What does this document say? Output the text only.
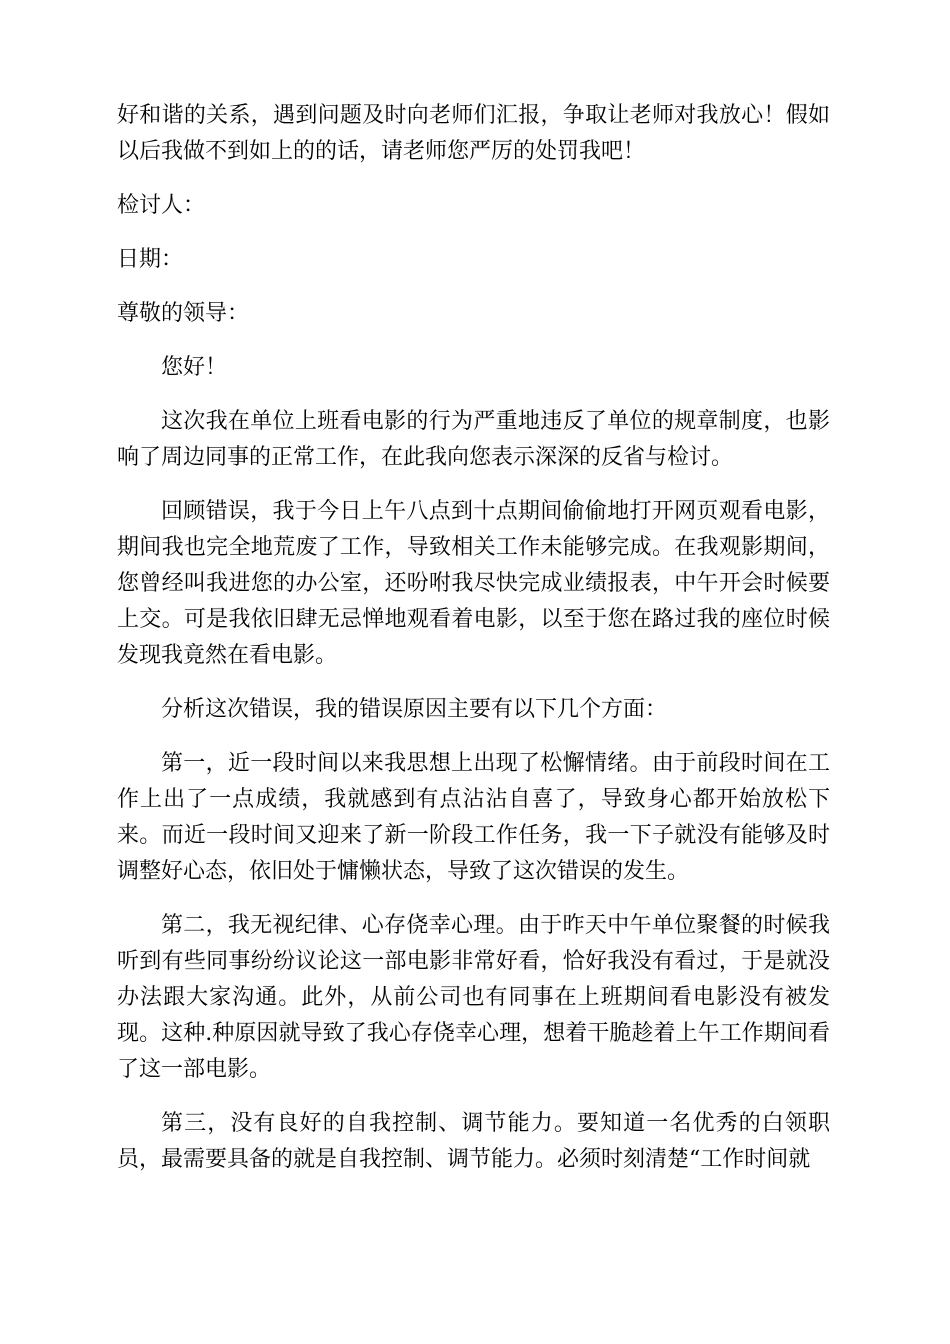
好和谐的关系，遇到问题及时向老师们汇报，争取让老师对我放心！假如以后我做不到如上的的话，请老师您严厉的处罚我吧！

检讨人：

日期：

尊敬的领导：

您好！

这次我在单位上班看电影的行为严重地违反了单位的规章制度，也影响了周边同事的正常工作，在此我向您表示深深的反省与检讨。

回顾错误，我于今日上午八点到十点期间偷偷地打开网页观看电影，期间我也完全地荒废了工作，导致相关工作未能够完成。在我观影期间，您曾经叫我进您的办公室，还吩咐我尽快完成业绩报表，中午开会时候要上交。可是我依旧肆无忌惮地观看着电影，以至于您在路过我的座位时候发现我竟然在看电影。

分析这次错误，我的错误原因主要有以下几个方面：

第一，近一段时间以来我思想上出现了松懈情绪。由于前段时间在工作上出了一点成绩，我就感到有点沾沾自喜了，导致身心都开始放松下来。而近一段时间又迎来了新一阶段工作任务，我一下子就没有能够及时调整好心态，依旧处于慵懒状态，导致了这次错误的发生。

第二，我无视纪律、心存侥幸心理。由于昨天中午单位聚餐的时候我听到有些同事纷纷议论这一部电影非常好看，恰好我没有看过，于是就没办法跟大家沟通。此外，从前公司也有同事在上班期间看电影没有被发现。这种.种原因就导致了我心存侥幸心理，想着干脆趁着上午工作期间看了这一部电影。

第三，没有良好的自我控制、调节能力。要知道一名优秀的白领职员，最需要具备的就是自我控制、调节能力。必须时刻清楚“工作时间就
